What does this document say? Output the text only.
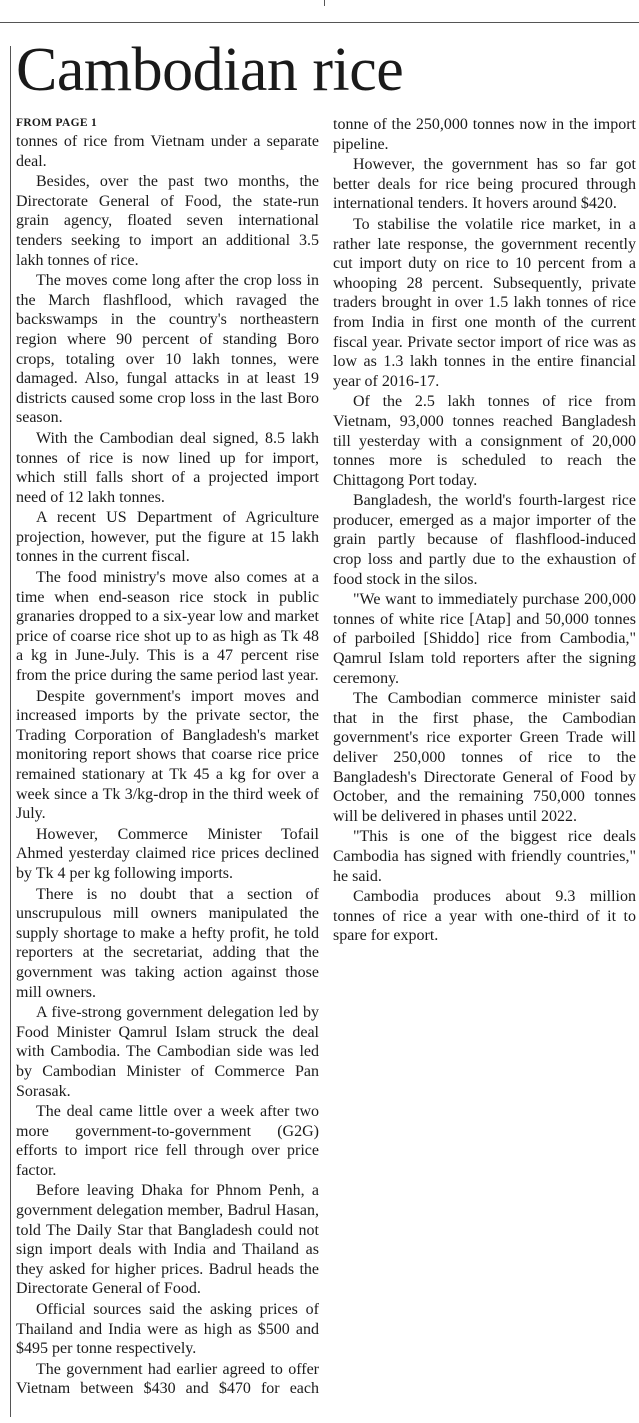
Cambodian rice
FROM PAGE 1

tonnes of rice from Vietnam under a separate deal.

Besides, over the past two months, the Directorate General of Food, the state-run grain agency, floated seven international tenders seeking to import an additional 3.5 lakh tonnes of rice.

The moves come long after the crop loss in the March flashflood, which ravaged the backswamps in the country's northeastern region where 90 percent of standing Boro crops, totaling over 10 lakh tonnes, were damaged. Also, fungal attacks in at least 19 districts caused some crop loss in the last Boro season.

With the Cambodian deal signed, 8.5 lakh tonnes of rice is now lined up for import, which still falls short of a projected import need of 12 lakh tonnes.

A recent US Department of Agriculture projection, however, put the figure at 15 lakh tonnes in the current fiscal.

The food ministry's move also comes at a time when end-season rice stock in public granaries dropped to a six-year low and market price of coarse rice shot up to as high as Tk 48 a kg in June-July. This is a 47 percent rise from the price during the same period last year.

Despite government's import moves and increased imports by the private sector, the Trading Corporation of Bangladesh's market monitoring report shows that coarse rice price remained stationary at Tk 45 a kg for over a week since a Tk 3/kg-drop in the third week of July.

However, Commerce Minister Tofail Ahmed yesterday claimed rice prices declined by Tk 4 per kg following imports.

There is no doubt that a section of unscrupulous mill owners manipulated the supply shortage to make a hefty profit, he told reporters at the secretariat, adding that the government was taking action against those mill owners.

A five-strong government delegation led by Food Minister Qamrul Islam struck the deal with Cambodia. The Cambodian side was led by Cambodian Minister of Commerce Pan Sorasak.

The deal came little over a week after two more government-to-government (G2G) efforts to import rice fell through over price factor.

Before leaving Dhaka for Phnom Penh, a government delegation member, Badrul Hasan, told The Daily Star that Bangladesh could not sign import deals with India and Thailand as they asked for higher prices. Badrul heads the Directorate General of Food.

Official sources said the asking prices of Thailand and India were as high as $500 and $495 per tonne respectively.

The government had earlier agreed to offer Vietnam between $430 and $470 for each tonne of the 250,000 tonnes now in the import pipeline.

However, the government has so far got better deals for rice being procured through international tenders. It hovers around $420.

To stabilise the volatile rice market, in a rather late response, the government recently cut import duty on rice to 10 percent from a whooping 28 percent. Subsequently, private traders brought in over 1.5 lakh tonnes of rice from India in first one month of the current fiscal year. Private sector import of rice was as low as 1.3 lakh tonnes in the entire financial year of 2016-17.

Of the 2.5 lakh tonnes of rice from Vietnam, 93,000 tonnes reached Bangladesh till yesterday with a consignment of 20,000 tonnes more is scheduled to reach the Chittagong Port today.

Bangladesh, the world's fourth-largest rice producer, emerged as a major importer of the grain partly because of flashflood-induced crop loss and partly due to the exhaustion of food stock in the silos.

"We want to immediately purchase 200,000 tonnes of white rice [Atap] and 50,000 tonnes of parboiled [Shiddo] rice from Cambodia," Qamrul Islam told reporters after the signing ceremony.

The Cambodian commerce minister said that in the first phase, the Cambodian government's rice exporter Green Trade will deliver 250,000 tonnes of rice to the Bangladesh's Directorate General of Food by October, and the remaining 750,000 tonnes will be delivered in phases until 2022.

"This is one of the biggest rice deals Cambodia has signed with friendly countries," he said.

Cambodia produces about 9.3 million tonnes of rice a year with one-third of it to spare for export.
